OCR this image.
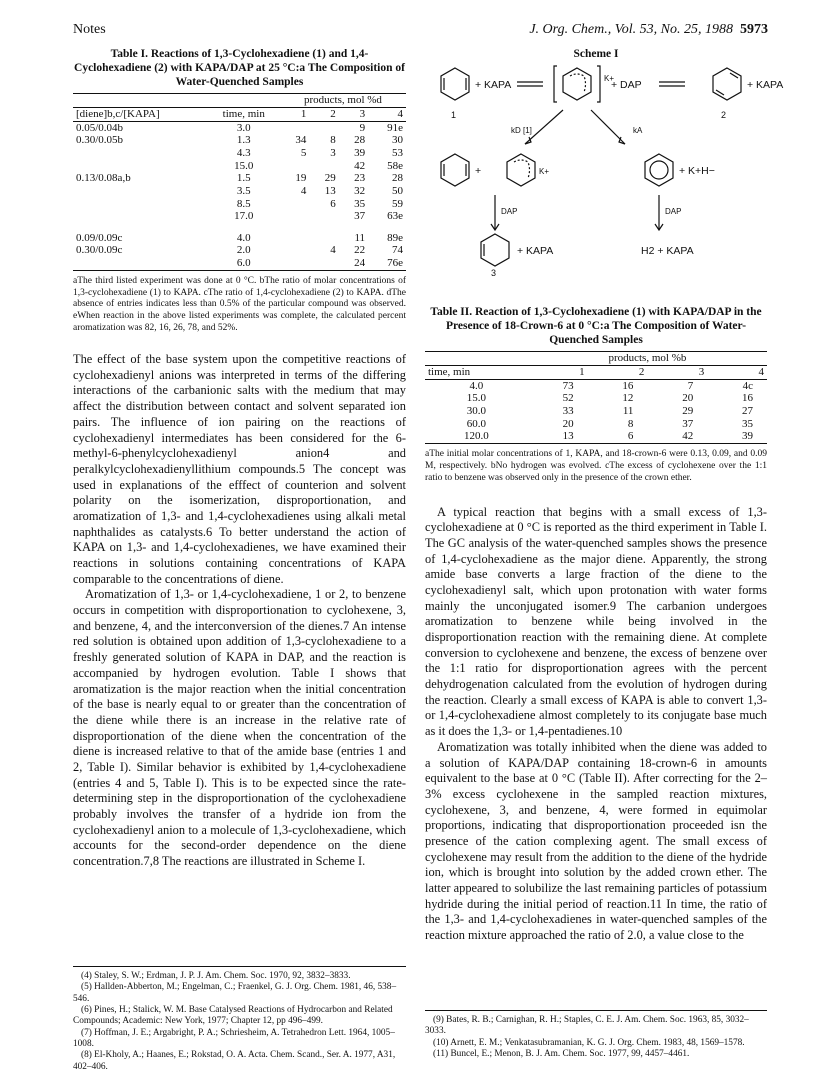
Notes	J. Org. Chem., Vol. 53, No. 25, 1988 5973
Table I. Reactions of 1,3-Cyclohexadiene (1) and 1,4-Cyclohexadiene (2) with KAPA/DAP at 25 °C:a The Composition of Water-Quenched Samples
		products, mol %d			
[diene]b,c/[KAPA]	time, min	1	2	3	4
0.05/0.04b	3.0			9	91e
0.30/0.05b	1.3	34	8	28	30
	4.3	5	3	39	53
	15.0			42	58e
0.13/0.08a,b	1.5	19	29	23	28
	3.5	4	13	32	50
	8.5		6	35	59
	17.0			37	63e

0.09/0.09c	4.0			11	89e
0.30/0.09c	2.0		4	22	74
	6.0			24	76e
aThe third listed experiment was done at 0 °C. bThe ratio of molar concentrations of 1,3-cyclohexadiene (1) to KAPA. cThe ratio of 1,4-cyclohexadiene (2) to KAPA. dThe absence of entries indicates less than 0.5% of the particular compound was observed. eWhen reaction in the above listed experiments was complete, the calculated percent aromatization was 82, 16, 26, 78, and 52%.

The effect of the base system upon the competitive reactions of cyclohexadienyl anions was interpreted in terms of the differing interactions of the carbanionic salts with the medium that may affect the distribution between contact and solvent separated ion pairs. The influence of ion pairing on the reactions of cyclohexadienyl intermediates has been considered for the 6-methyl-6-phenylcyclohexadienyl anion4 and peralkylcyclohexadienyllithium compounds.5 The concept was used in explanations of the efffect of counterion and solvent polarity on the isomerization, disproportionation, and aromatization of 1,3- and 1,4-cyclohexadienes using alkali metal naphthalides as catalysts.6 To better understand the action of KAPA on 1,3- and 1,4-cyclohexadienes, we have examined their reactions in solutions containing concentrations of KAPA comparable to the concentrations of diene.

Aromatization of 1,3- or 1,4-cyclohexadiene, 1 or 2, to benzene occurs in competition with disproportionation to cyclohexene, 3, and benzene, 4, and the interconversion of the dienes.7 An intense red solution is obtained upon addition of 1,3-cyclohexadiene to a freshly generated solution of KAPA in DAP, and the reaction is accompanied by hydrogen evolution. Table I shows that aromatization is the major reaction when the initial concentration of the base is nearly equal to or greater than the concentration of the diene while there is an increase in the relative rate of disproportionation of the diene when the concentration of the diene is increased relative to that of the amide base (entries 1 and 2, Table I). Similar behavior is exhibited by 1,4-cyclohexadiene (entries 4 and 5, Table I). This is to be expected since the rate-determining step in the disproportionation of the cyclohexadiene probably involves the transfer of a hydride ion from the cyclohexadienyl anion to a molecule of 1,3-cyclohexadiene, which accounts for the second-order dependence on the diene concentration.7,8 The reactions are illustrated in Scheme I.

(4) Staley, S. W.; Erdman, J. P. J. Am. Chem. Soc. 1970, 92, 3832–3833.

(5) Hallden-Abberton, M.; Engelman, C.; Fraenkel, G. J. Org. Chem. 1981, 46, 538–546.

(6) Pines, H.; Stalick, W. M. Base Catalysed Reactions of Hydrocarbon and Related Compounds; Academic: New York, 1977; Chapter 12, pp 496–499.

(7) Hoffman, J. E.; Argabright, P. A.; Schriesheim, A. Tetrahedron Lett. 1964, 1005–1008.

(8) El-Kholy, A.; Haanes, E.; Rokstad, O. A. Acta. Chem. Scand., Ser. A. 1977, A31, 402–406.

Scheme I
+ KAPA
K+
+ DAP	+ KAPA
1	2
kD [1]	kA
+	K+	+ K+H−
DAP	DAP
+ KAPA	H2 + KAPA
3
Table II. Reaction of 1,3-Cyclohexadiene (1) with KAPA/DAP in the Presence of 18-Crown-6 at 0 °C:a The Composition of Water-Quenched Samples
	products, mol %b			
time, min	1	2	3	4
4.0	73	16	7	4c
15.0	52	12	20	16
30.0	33	11	29	27
60.0	20	8	37	35
120.0	13	6	42	39
aThe initial molar concentrations of 1, KAPA, and 18-crown-6 were 0.13, 0.09, and 0.09 M, respectively. bNo hydrogen was evolved. cThe excess of cyclohexene over the 1:1 ratio to benzene was observed only in the presence of the crown ether.

A typical reaction that begins with a small excess of 1,3-cyclohexadiene at 0 °C is reported as the third experiment in Table I. The GC analysis of the water-quenched samples shows the presence of 1,4-cyclohexadiene as the major diene. Apparently, the strong amide base converts a large fraction of the diene to the cyclohexadienyl salt, which upon protonation with water forms mainly the unconjugated isomer.9 The carbanion undergoes aromatization to benzene while being involved in the disproportionation reaction with the remaining diene. At complete conversion to cyclohexene and benzene, the excess of benzene over the 1:1 ratio for disproportionation agrees with the percent dehydrogenation calculated from the evolution of hydrogen during the reaction. Clearly a small excess of KAPA is able to convert 1,3- or 1,4-cyclohexadiene almost completely to its conjugate base much as it does the 1,3- or 1,4-pentadienes.10

Aromatization was totally inhibited when the diene was added to a solution of KAPA/DAP containing 18-crown-6 in amounts equivalent to the base at 0 °C (Table II). After correcting for the 2–3% excess cyclohexene in the sampled reaction mixtures, cyclohexene, 3, and benzene, 4, were formed in equimolar proportions, indicating that disproportionation proceeded isn the presence of the cation complexing agent. The small excess of cyclohexene may result from the addition to the diene of the hydride ion, which is brought into solution by the added crown ether. The latter appeared to solubilize the last remaining particles of potassium hydride during the initial period of reaction.11 In time, the ratio of the 1,3- and 1,4-cyclohexadienes in water-quenched samples of the reaction mixture approached the ratio of 2.0, a value close to the

(9) Bates, R. B.; Carnighan, R. H.; Staples, C. E. J. Am. Chem. Soc. 1963, 85, 3032–3033.

(10) Arnett, E. M.; Venkatasubramanian, K. G. J. Org. Chem. 1983, 48, 1569–1578.

(11) Buncel, E.; Menon, B. J. Am. Chem. Soc. 1977, 99, 4457–4461.
